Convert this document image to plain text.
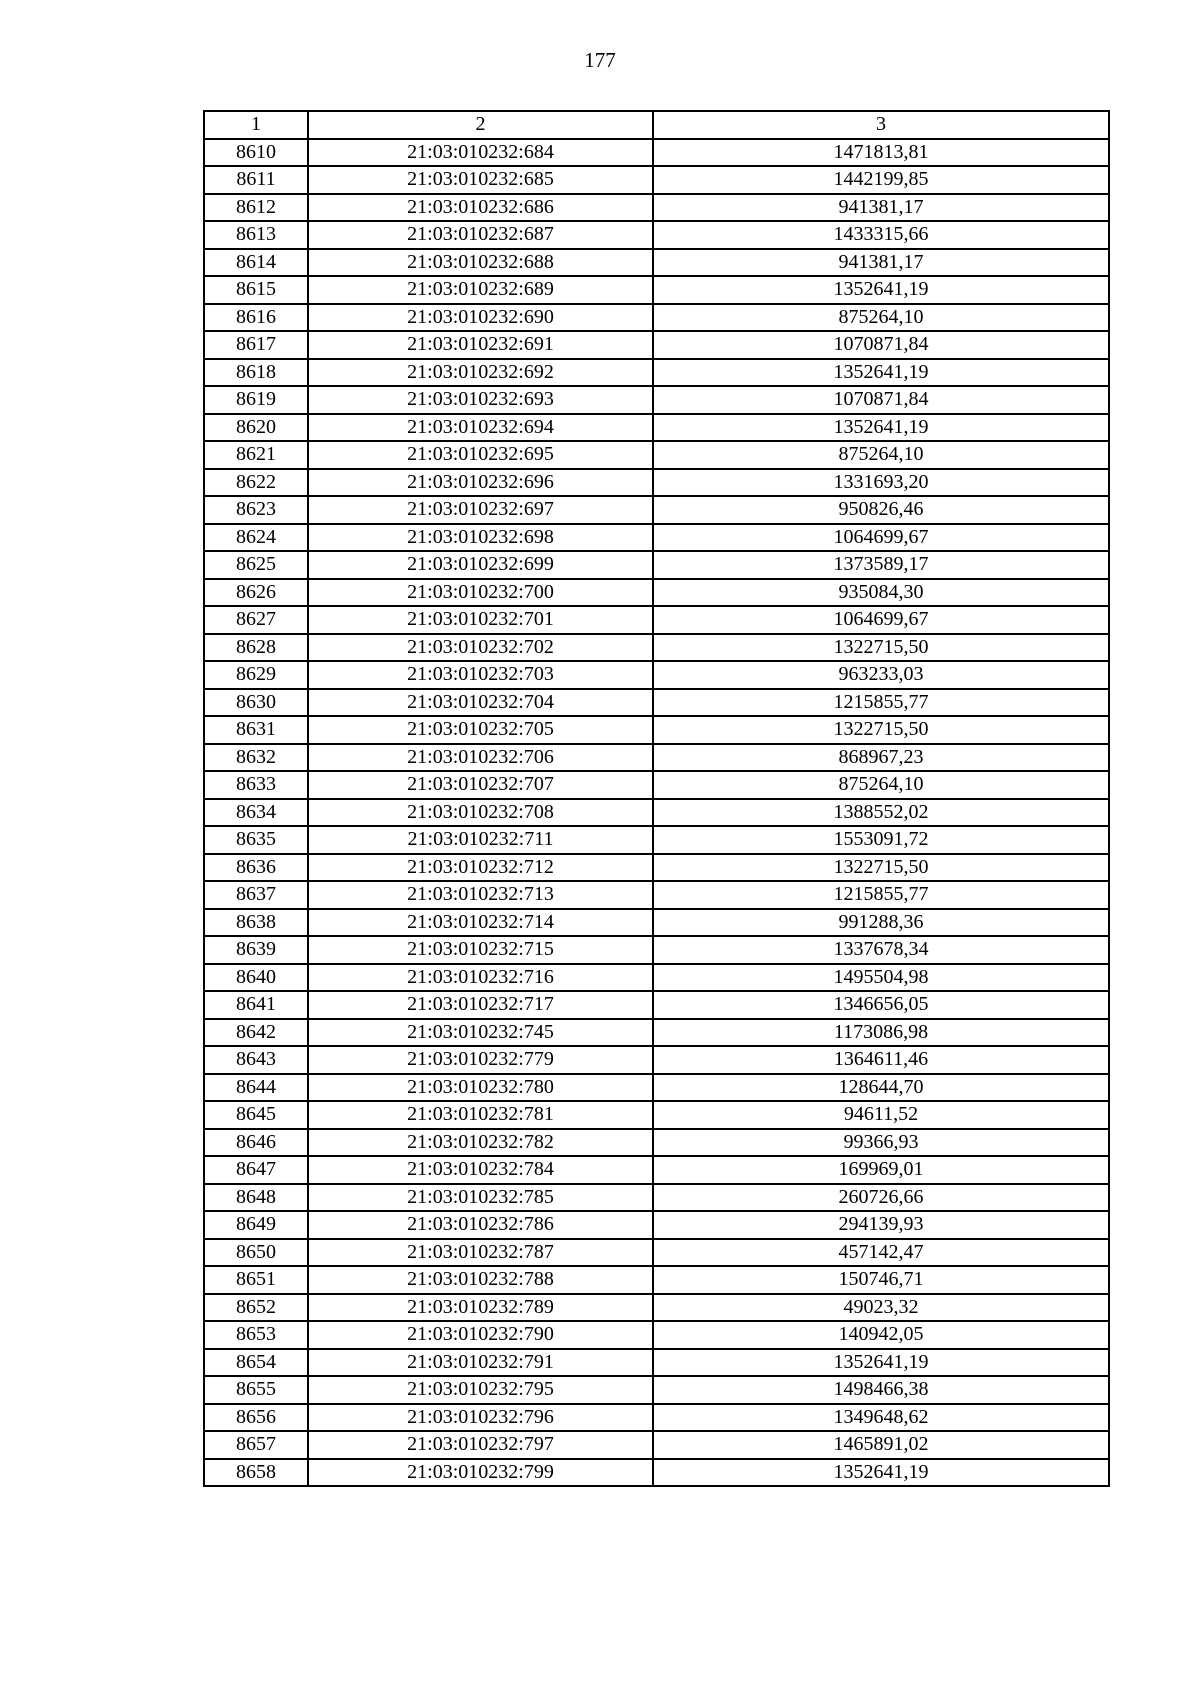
177
1	2	3
8610	21:03:010232:684	1471813,81
8611	21:03:010232:685	1442199,85
8612	21:03:010232:686	941381,17
8613	21:03:010232:687	1433315,66
8614	21:03:010232:688	941381,17
8615	21:03:010232:689	1352641,19
8616	21:03:010232:690	875264,10
8617	21:03:010232:691	1070871,84
8618	21:03:010232:692	1352641,19
8619	21:03:010232:693	1070871,84
8620	21:03:010232:694	1352641,19
8621	21:03:010232:695	875264,10
8622	21:03:010232:696	1331693,20
8623	21:03:010232:697	950826,46
8624	21:03:010232:698	1064699,67
8625	21:03:010232:699	1373589,17
8626	21:03:010232:700	935084,30
8627	21:03:010232:701	1064699,67
8628	21:03:010232:702	1322715,50
8629	21:03:010232:703	963233,03
8630	21:03:010232:704	1215855,77
8631	21:03:010232:705	1322715,50
8632	21:03:010232:706	868967,23
8633	21:03:010232:707	875264,10
8634	21:03:010232:708	1388552,02
8635	21:03:010232:711	1553091,72
8636	21:03:010232:712	1322715,50
8637	21:03:010232:713	1215855,77
8638	21:03:010232:714	991288,36
8639	21:03:010232:715	1337678,34
8640	21:03:010232:716	1495504,98
8641	21:03:010232:717	1346656,05
8642	21:03:010232:745	1173086,98
8643	21:03:010232:779	1364611,46
8644	21:03:010232:780	128644,70
8645	21:03:010232:781	94611,52
8646	21:03:010232:782	99366,93
8647	21:03:010232:784	169969,01
8648	21:03:010232:785	260726,66
8649	21:03:010232:786	294139,93
8650	21:03:010232:787	457142,47
8651	21:03:010232:788	150746,71
8652	21:03:010232:789	49023,32
8653	21:03:010232:790	140942,05
8654	21:03:010232:791	1352641,19
8655	21:03:010232:795	1498466,38
8656	21:03:010232:796	1349648,62
8657	21:03:010232:797	1465891,02
8658	21:03:010232:799	1352641,19
